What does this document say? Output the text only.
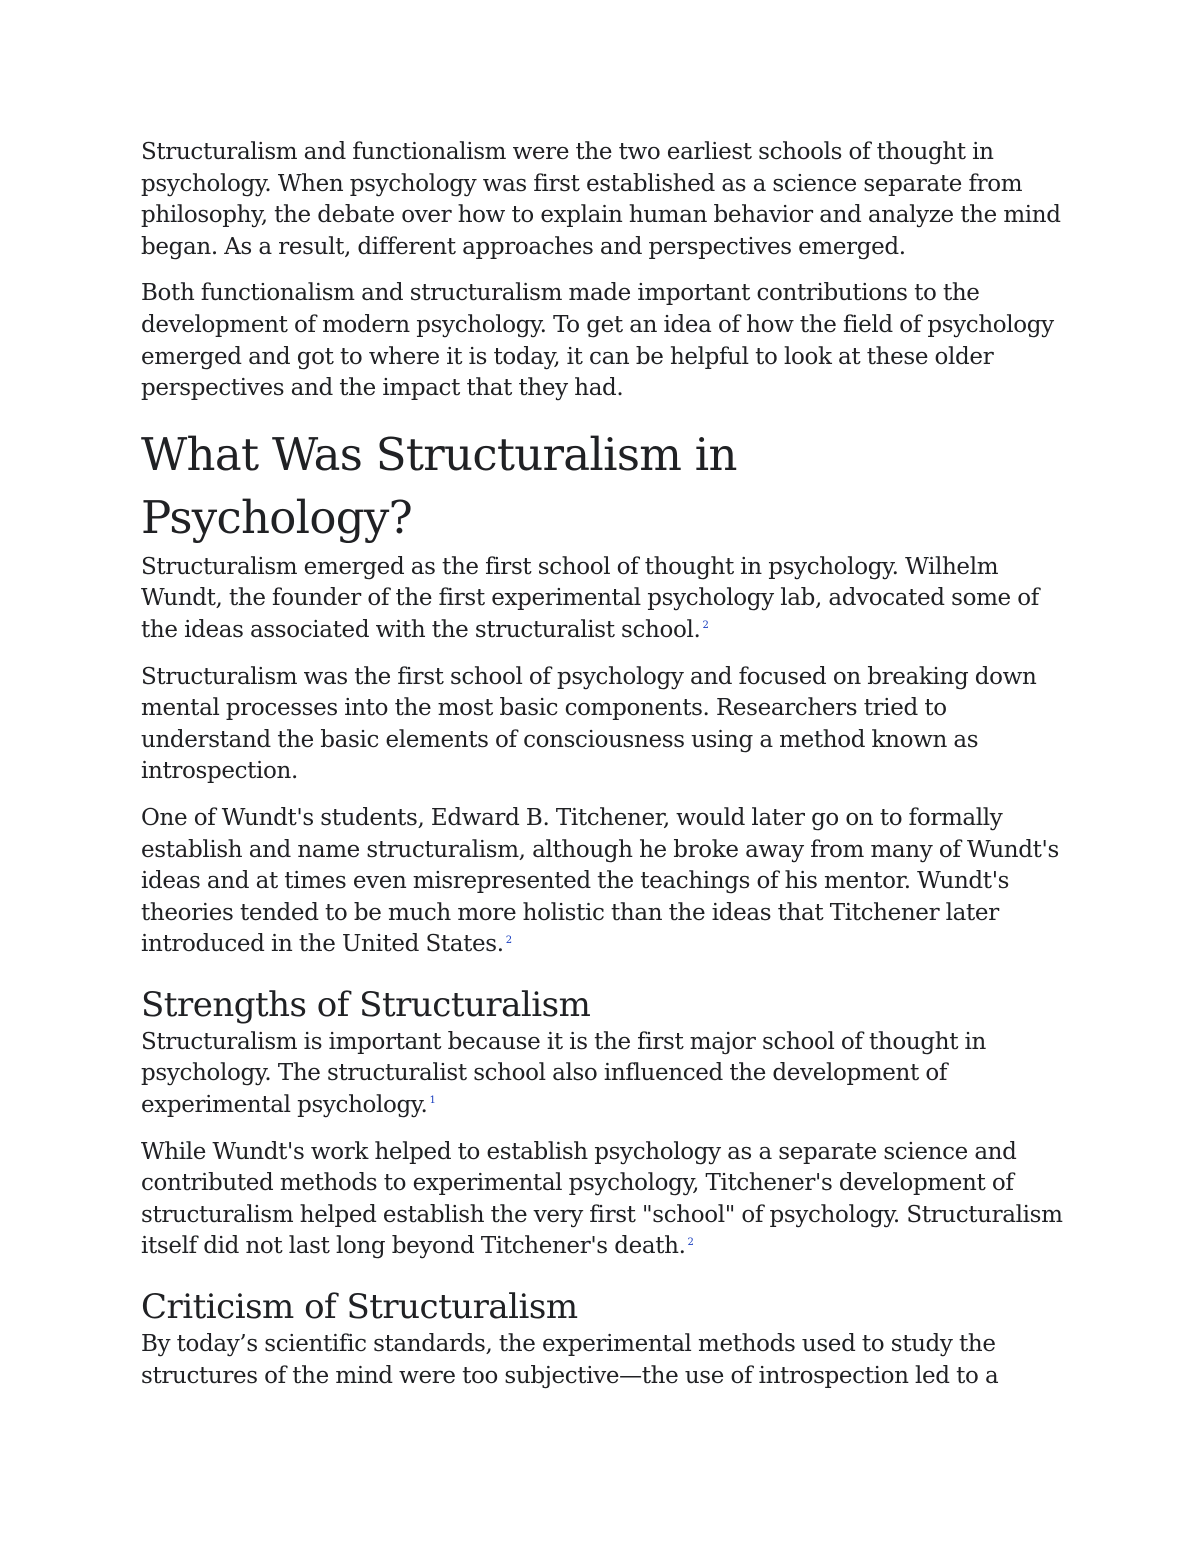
Structuralism and functionalism were the two earliest schools of thought in psychology. When psychology was first established as a science separate from philosophy, the debate over how to explain human behavior and analyze the mind began. As a result, different approaches and perspectives emerged.

Both functionalism and structuralism made important contributions to the development of modern psychology. To get an idea of how the field of psychology emerged and got to where it is today, it can be helpful to look at these older perspectives and the impact that they had.

What Was Structuralism in Psychology?

Structuralism emerged as the first school of thought in psychology. Wilhelm Wundt, the founder of the first experimental psychology lab, advocated some of the ideas associated with the structuralist school. $^2$

Structuralism was the first school of psychology and focused on breaking down mental processes into the most basic components. Researchers tried to understand the basic elements of consciousness using a method known as introspection.

One of Wundt's students, Edward B. Titchener, would later go on to formally establish and name structuralism, although he broke away from many of Wundt's ideas and at times even misrepresented the teachings of his mentor. Wundt's theories tended to be much more holistic than the ideas that Titchener later introduced in the United States. $^2$

Strengths of Structuralism

Structuralism is important because it is the first major school of thought in psychology. The structuralist school also influenced the development of experimental psychology. $^1$

While Wundt's work helped to establish psychology as a separate science and contributed methods to experimental psychology, Titchener's development of structuralism helped establish the very first "school" of psychology. Structuralism itself did not last long beyond Titchener's death. $^2$

Criticism of Structuralism

By today’s scientific standards, the experimental methods used to study the structures of the mind were too subjective—the use of introspection led to a
